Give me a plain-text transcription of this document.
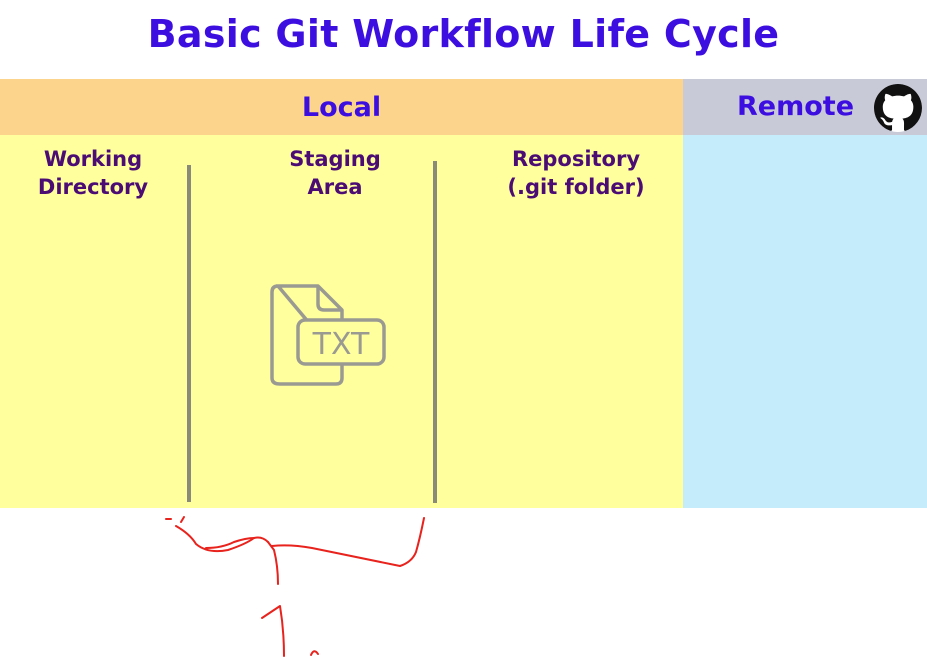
Basic Git Workflow Life Cycle
Local	Remote
Working
Directory
Staging
Area
Repository
(.git folder)
TXT
